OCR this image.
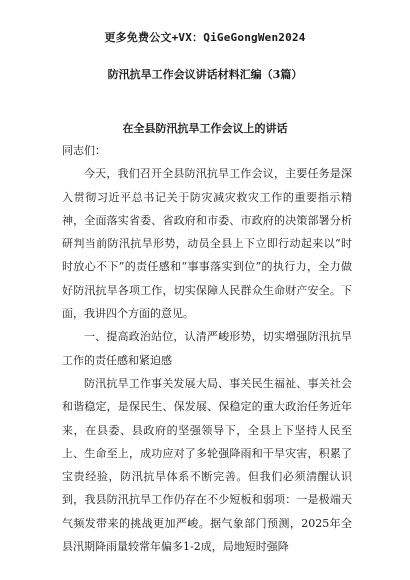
更多免费公文+VX：QiGeGongWen2024
防汛抗旱工作会议讲话材料汇编（3篇）
在全县防汛抗旱工作会议上的讲话
同志们：

今天，我们召开全县防汛抗旱工作会议，主要任务是深入贯彻习近平总书记关于防灾减灾救灾工作的重要指示精神，全面落实省委、省政府和市委、市政府的决策部署分析研判当前防汛抗旱形势，动员全县上下立即行动起来以“时时放心不下”的责任感和“事事落实到位”的执行力，全力做好防汛抗旱各项工作，切实保障人民群众生命财产安全。下面，我讲四个方面的意见。

一、提高政治站位，认清严峻形势，切实增强防汛抗旱工作的责任感和紧迫感

防汛抗旱工作事关发展大局、事关民生福祉、事关社会和谐稳定，是保民生、保发展、保稳定的重大政治任务近年来，在县委、县政府的坚强领导下，全县上下坚持人民至上、生命至上，成功应对了多轮强降雨和干旱灾害，积累了宝贵经验，防汛抗旱体系不断完善。但我们必须清醒认识到，我县防汛抗旱工作仍存在不少短板和弱项：一是极端天气频发带来的挑战更加严峻。据气象部门预测，2025年全县汛期降雨量较常年偏多1-2成，局地短时强降
